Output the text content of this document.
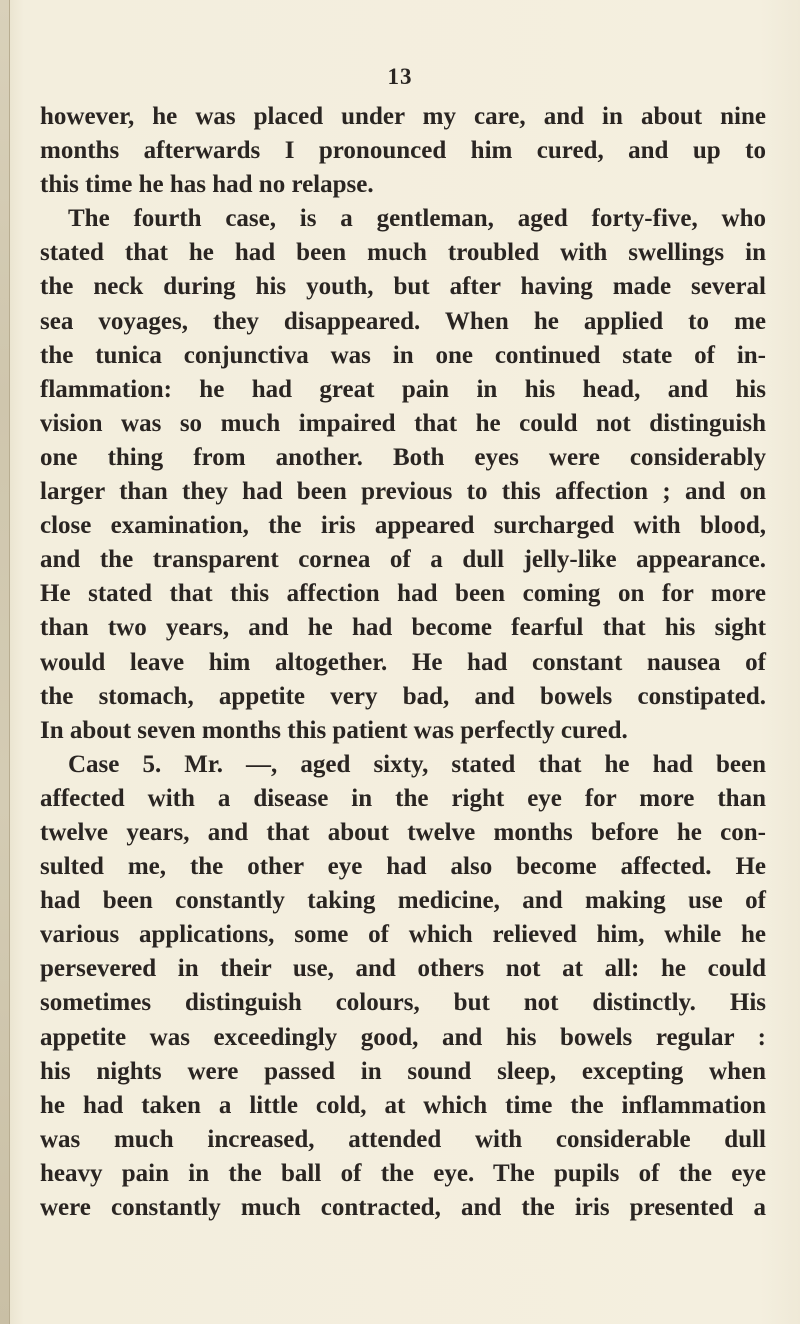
13
however, he was placed under my care, and in about nine
months afterwards I pronounced him cured, and up to
this time he has had no relapse.
The fourth case, is a gentleman, aged forty-five, who
stated that he had been much troubled with swellings in
the neck during his youth, but after having made several
sea voyages, they disappeared. When he applied to me
the tunica conjunctiva was in one continued state of in-
flammation: he had great pain in his head, and his
vision was so much impaired that he could not distinguish
one thing from another. Both eyes were considerably
larger than they had been previous to this affection ; and on
close examination, the iris appeared surcharged with blood,
and the transparent cornea of a dull jelly-like appearance.
He stated that this affection had been coming on for more
than two years, and he had become fearful that his sight
would leave him altogether. He had constant nausea of
the stomach, appetite very bad, and bowels constipated.
In about seven months this patient was perfectly cured.
Case 5. Mr. —, aged sixty, stated that he had been
affected with a disease in the right eye for more than
twelve years, and that about twelve months before he con-
sulted me, the other eye had also become affected. He
had been constantly taking medicine, and making use of
various applications, some of which relieved him, while he
persevered in their use, and others not at all: he could
sometimes distinguish colours, but not distinctly. His
appetite was exceedingly good, and his bowels regular :
his nights were passed in sound sleep, excepting when
he had taken a little cold, at which time the inflammation
was much increased, attended with considerable dull
heavy pain in the ball of the eye. The pupils of the eye
were constantly much contracted, and the iris presented a
